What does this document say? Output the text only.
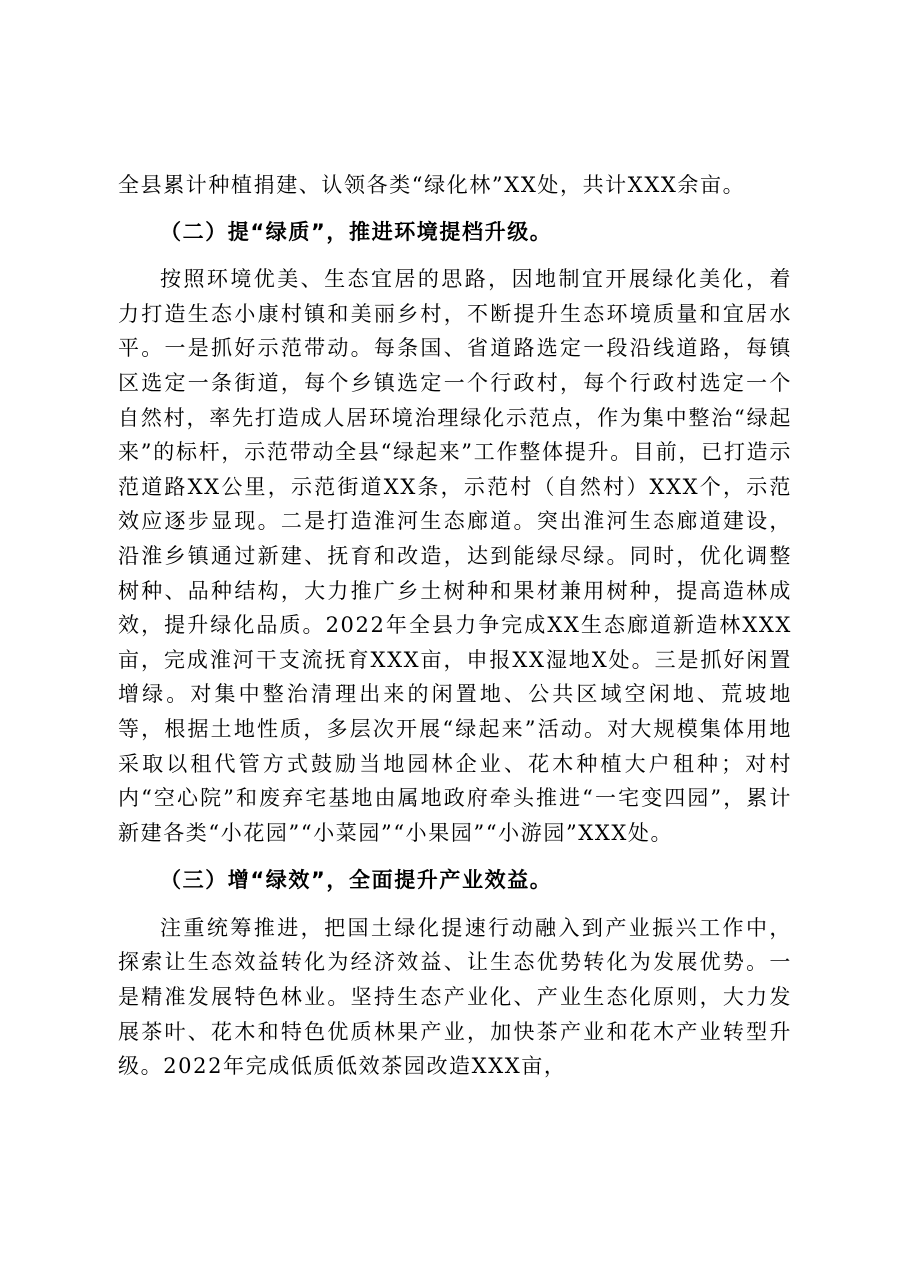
全县累计种植捐建、认领各类“绿化林”XX处，共计XXX余亩。

（二）提“绿质”，推进环境提档升级。

按照环境优美、生态宜居的思路，因地制宜开展绿化美化，着力打造生态小康村镇和美丽乡村，不断提升生态环境质量和宜居水平。一是抓好示范带动。每条国、省道路选定一段沿线道路，每镇区选定一条街道，每个乡镇选定一个行政村，每个行政村选定一个自然村，率先打造成人居环境治理绿化示范点，作为集中整治“绿起来”的标杆，示范带动全县“绿起来”工作整体提升。目前，已打造示范道路XX公里，示范街道XX条，示范村（自然村）XXX个，示范效应逐步显现。二是打造淮河生态廊道。突出淮河生态廊道建设，沿淮乡镇通过新建、抚育和改造，达到能绿尽绿。同时，优化调整树种、品种结构，大力推广乡土树种和果材兼用树种，提高造林成效，提升绿化品质。2022年全县力争完成XX生态廊道新造林XXX亩，完成淮河干支流抚育XXX亩，申报XX湿地X处。三是抓好闲置增绿。对集中整治清理出来的闲置地、公共区域空闲地、荒坡地等，根据土地性质，多层次开展“绿起来”活动。对大规模集体用地采取以租代管方式鼓励当地园林企业、花木种植大户租种；对村内“空心院”和废弃宅基地由属地政府牵头推进“一宅变四园”，累计新建各类“小花园”“小菜园”“小果园”“小游园”XXX处。

（三）增“绿效”，全面提升产业效益。

注重统筹推进，把国土绿化提速行动融入到产业振兴工作中，探索让生态效益转化为经济效益、让生态优势转化为发展优势。一是精准发展特色林业。坚持生态产业化、产业生态化原则，大力发展茶叶、花木和特色优质林果产业，加快茶产业和花木产业转型升级。2022年完成低质低效茶园改造XXX亩，
